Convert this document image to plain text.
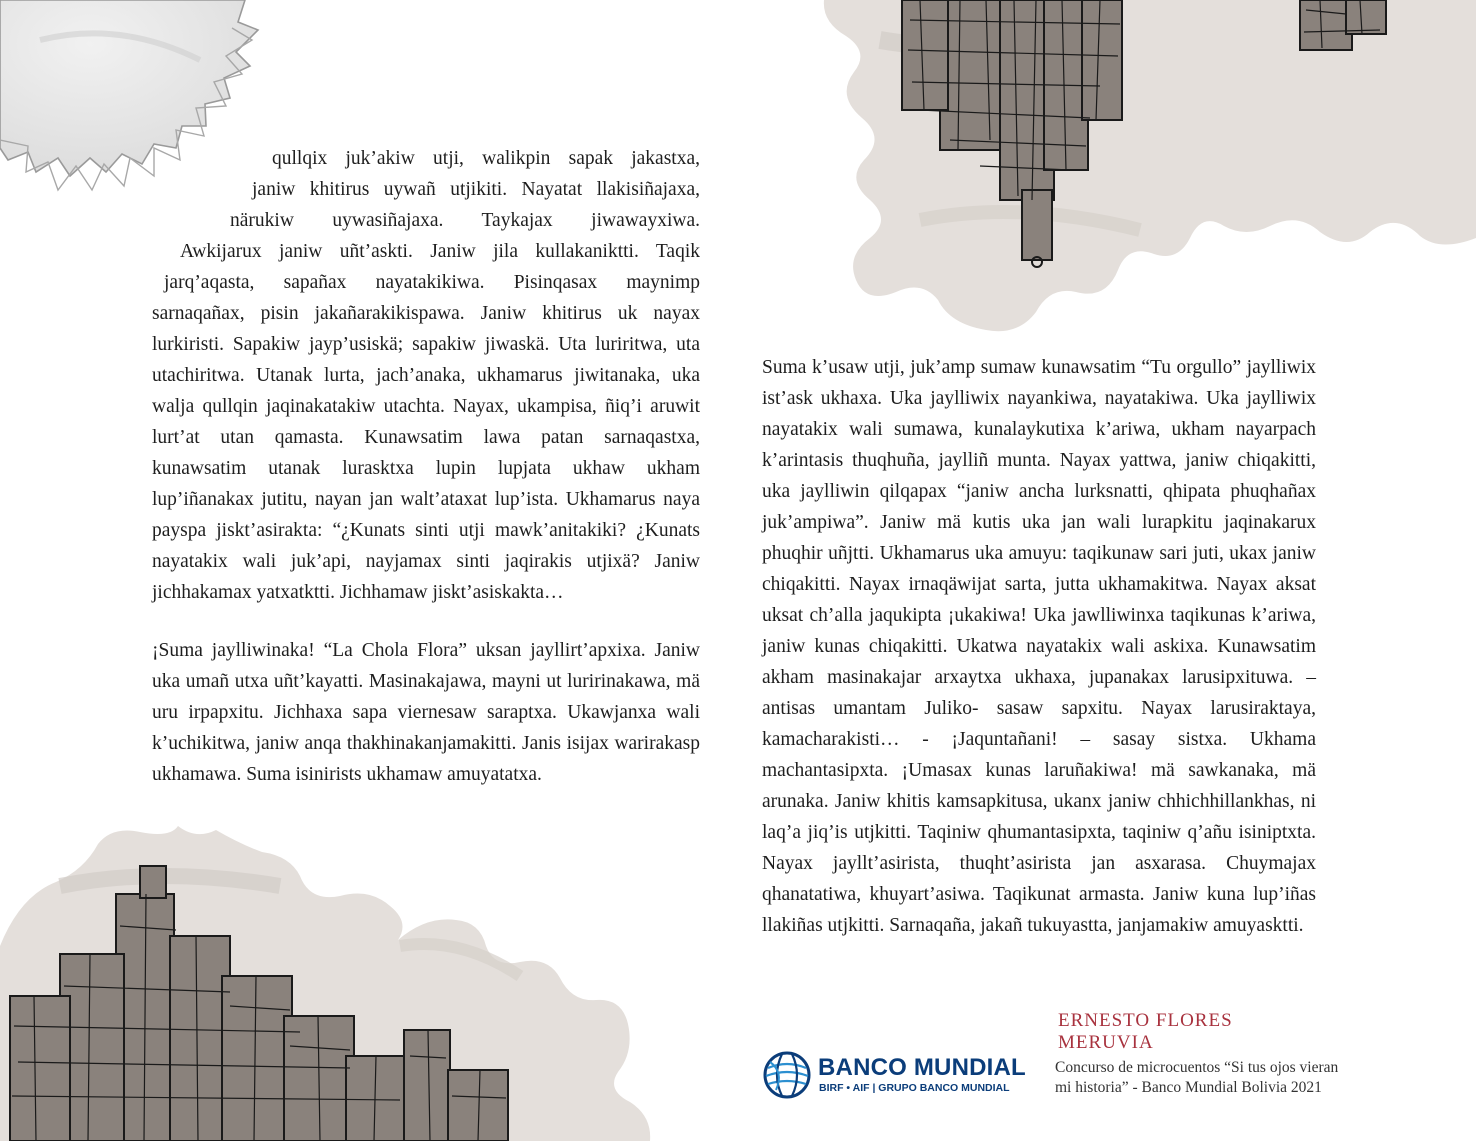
qullqix juk’akiw utji, walikpin sapak jakastxa,
janiw khitirus uywañ utjikiti. Nayatat llakisiñajaxa,
närukiw uywasiñajaxa. Taykajax jiwawayxiwa.
Awkijarux janiw uñt’askti. Janiw jila kullakaniktti. Taqik
jarq’aqasta, sapañax nayatakikiwa. Pisinqasax maynimp
sarnaqañax, pisin jakañarakikispawa. Janiw khitirus uk nayax lurkiristi. Sapakiw jayp’usiskä; sapakiw jiwaskä. Uta luriritwa, uta utachiritwa. Utanak lurta, jach’anaka, ukhamarus jiwitanaka, uka walja qullqin jaqinakatakiw utachta. Nayax, ukampisa, ñiq’i aruwit lurt’at utan qamasta. Kunawsatim lawa patan sarnaqastxa, kunawsatim utanak lurasktxa lupin lupjata ukhaw ukham lup’iñanakax jutitu, nayan jan walt’ataxat lup’ista. Ukhamarus naya payspa jiskt’asirakta: “¿Kunats sinti utji mawk’anitakiki? ¿Kunats nayatakix wali juk’api, nayjamax sinti jaqirakis utjixä? Janiw jichhakamax yatxatktti. Jichhamaw jiskt’asiskakta…

¡Suma jaylliwinaka! “La Chola Flora” uksan jayllirt’apxixa. Janiw uka umañ utxa uñt’kayatti. Masinakajawa, mayni ut luririnakawa, mä uru irpapxitu. Jichhaxa sapa viernesaw saraptxa. Ukawjanxa wali k’uchikitwa, janiw anqa thakhinakanjamakitti. Janis isijax warirakasp ukhamawa. Suma isinirists ukhamaw amuyatatxa.

Suma k’usaw utji, juk’amp sumaw kunawsatim “Tu orgullo” jaylliwix ist’ask ukhaxa. Uka jaylliwix nayankiwa, nayatakiwa. Uka jaylliwix nayatakix wali sumawa, kunalaykutixa k’ariwa, ukham nayarpach k’arintasis thuqhuña, jaylliñ munta. Nayax yattwa, janiw chiqakitti, uka jaylliwin qilqapax “janiw ancha lurksnatti, qhipata phuqhañax juk’ampiwa”. Janiw mä kutis uka jan wali lurapkitu jaqinakarux phuqhir uñjtti. Ukhamarus uka amuyu: taqikunaw sari juti, ukax janiw chiqakitti. Nayax irnaqäwijat sarta, jutta ukhamakitwa. Nayax aksat uksat ch’alla jaqukipta ¡ukakiwa! Uka jawlliwinxa taqikunas k’ariwa, janiw kunas chiqakitti. Ukatwa nayatakix wali askixa. Kunawsatim akham masinakajar arxaytxa ukhaxa, jupanakax larusipxituwa. – antisas umantam Juliko- sasaw sapxitu. Nayax larusiraktaya, kamacharakisti… - ¡Jaquntañani! – sasay sistxa. Ukhama machantasipxta. ¡Umasax kunas laruñakiwa! mä sawkanaka, mä arunaka. Janiw khitis kamsapkitusa, ukanx janiw chhichhillankhas, ni laq’a jiq’is utjkitti. Taqiniw qhumantasipxta, taqiniw q’añu isiniptxta. Nayax jayllt’asirista, thuqht’asirista jan asxarasa. Chuymajax qhanatatiwa, khuyart’asiwa. Taqikunat armasta. Janiw kuna lup’iñas llakiñas utjkitti. Sarnaqaña, jakañ tukuyastta, janjamakiw amuyasktti.

ERNESTO FLORES MERUVIA
BANCO MUNDIAL
BIRF • AIF | GRUPO BANCO MUNDIAL
Concurso de microcuentos “Si tus ojos vieran mi historia” - Banco Mundial Bolivia 2021
